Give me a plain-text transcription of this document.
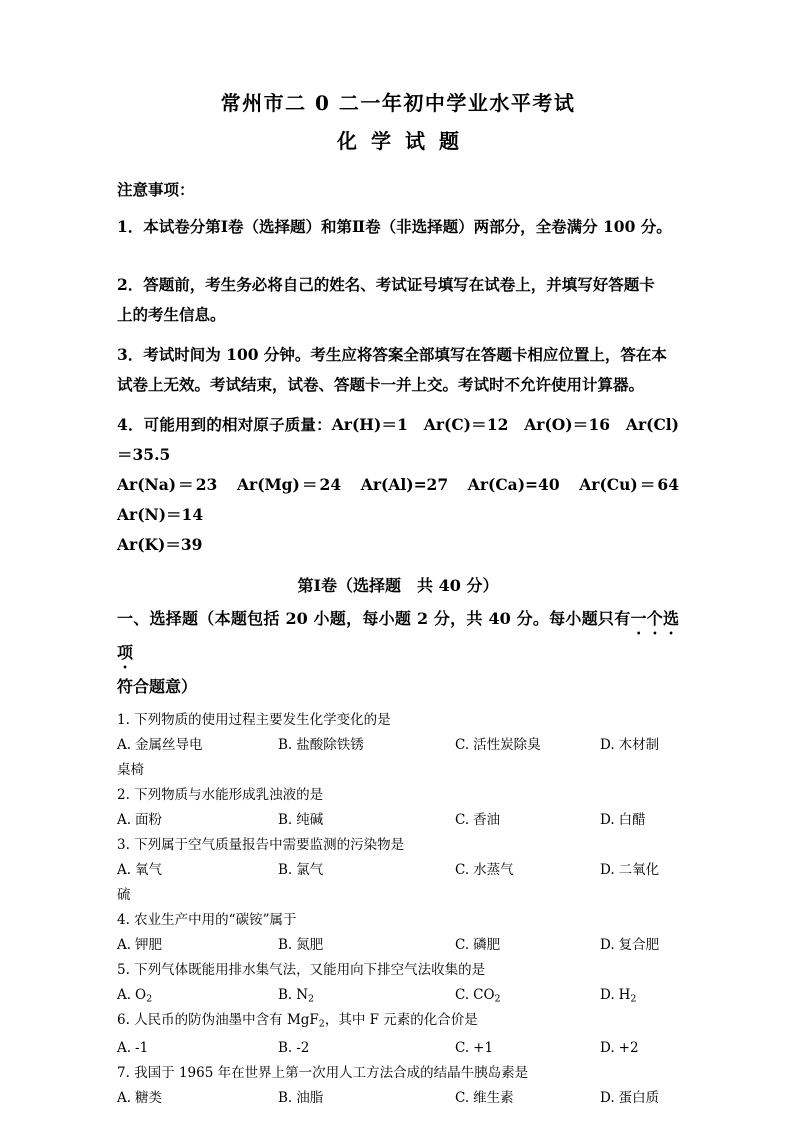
常州市二 0 二一年初中学业水平考试
化学试题
注意事项：
1．本试卷分第Ⅰ卷（选择题）和第Ⅱ卷（非选择题）两部分，全卷满分 100 分。
2．答题前，考生务必将自己的姓名、考试证号填写在试卷上，并填写好答题卡
上的考生信息。
3．考试时间为 100 分钟。考生应将答案全部填写在答题卡相应位置上，答在本
试卷上无效。考试结束，试卷、答题卡一并上交。考试时不允许使用计算器。
4．可能用到的相对原子质量：Ar(H)＝1　Ar(C)＝12　Ar(O)＝16　Ar(Cl)＝35.5
Ar(Na)＝23　Ar(Mg)＝24　Ar(Al)=27　Ar(Ca)=40　Ar(Cu)＝64　Ar(N)＝14
Ar(K)＝39
第Ⅰ卷（选择题　共 40 分）
一、选择题（本题包括 20 小题，每小题 2 分，共 40 分。每小题只有一个选项
符合题意）
1. 下列物质的使用过程主要发生化学变化的是
A. 金属丝导电	B. 盐酸除铁锈	C. 活性炭除臭	D. 木材制
桌椅
2. 下列物质与水能形成乳浊液的是
A. 面粉	B. 纯碱	C. 香油	D. 白醋
3. 下列属于空气质量报告中需要监测的污染物是
A. 氧气	B. 氯气	C. 水蒸气	D. 二氧化
硫
4. 农业生产中用的“碳铵”属于
A. 钾肥	B. 氮肥	C. 磷肥	D. 复合肥
5. 下列气体既能用排水集气法，又能用向下排空气法收集的是
A. $O_2$	B. $N_2$	C. $CO_2$	D. $H_2$
6. 人民币的防伪油墨中含有 MgF$_2$，其中 F 元素的化合价是
A. -1	B. -2	C. +1	D. +2
7. 我国于 1965 年在世界上第一次用人工方法合成的结晶牛胰岛素是
A. 糖类	B. 油脂	C. 维生素	D. 蛋白质
